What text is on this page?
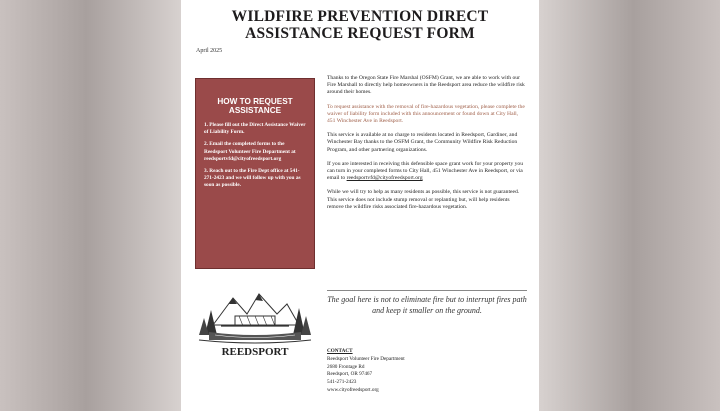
WILDFIRE PREVENTION DIRECT
ASSISTANCE REQUEST FORM
April 2025
HOW TO REQUEST
ASSISTANCE
1. Please fill out the Direct Assistance Waiver of Liability Form.
2. Email the completed forms to the Reedsport Volunteer Fire Department at reedsportvfd@cityofreedsport.org
3. Reach out to the Fire Dept office at 541-271-2423 and we will follow up with you as soon as possible.
REEDSPORT

Thanks to the Oregon State Fire Marshal (OSFM) Grant, we are able to work with our Fire Marshall to directly help homeowners in the Reedsport area reduce the wildfire risk around their homes.

To request assistance with the removal of fire-hazardous vegetation, please complete the waiver of liability form included with this announcement or found down at City Hall, 451 Winchester Ave in Reedsport.

This service is available at no charge to residents located in Reedsport, Gardiner, and Winchester Bay thanks to the OSFM Grant, the Community Wildfire Risk Reduction Program, and other partnering organizations.

If you are interested in receiving this defensible space grant work for your property you can turn in your completed forms to City Hall, 451 Winchester Ave in Reedsport, or via email to reedsportvfd@cityofreedsport.org

While we will try to help as many residents as possible, this service is not guaranteed. This service does not include stump removal or replanting but, will help residents remove the wildfire risks associated fire-hazardous vegetation.

The goal here is not to eliminate fire but to interrupt fires path and keep it smaller on the ground.
CONTACT
Reedsport Volunteer Fire Department
2680 Frontage Rd
Reedsport, OR 97467
541-271-2423
www.cityofreedsport.org
